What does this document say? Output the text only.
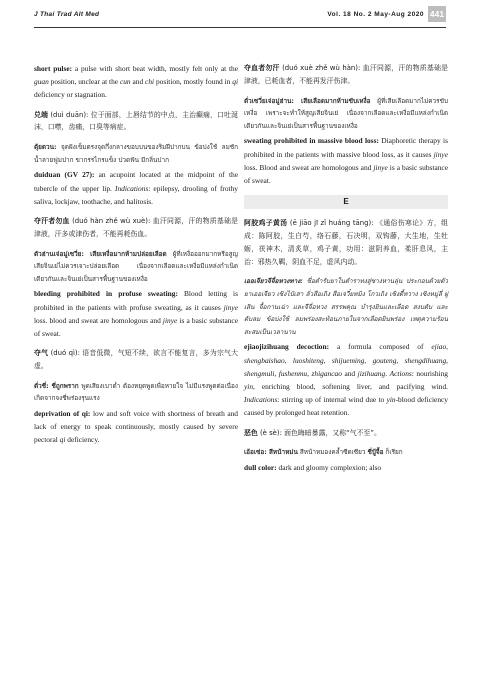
J Thai Trad Alt Med	Vol. 18 No. 2 May-Aug 2020 441

short pulse: a pulse with short beat width, mostly felt only at the guan position, unclear at the cun and chi position, mostly found in qi deficiency or stagnation.

兑端 (duì duān): 位于面部，上唇结节的中点，主治癫痫，口吐涎沫，口噤，齿痛，口臭等病症。

ตุ้ยตวน: จุดฝังเข็มตรงจุดกึ่งกลางขอบบนของริมฝีปากบน ข้อบ่งใช้ ลมชัก น้ำลายฟูมปาก ขากรรไกรแข็ง ปวดฟัน มีกลิ่นปาก

duiduan (GV 27): an acupoint located at the midpoint of the tubercle of the upper lip. Indications: epilepsy, drooling of frothy saliva, lockjaw, toothache, and halitosis.

夺汗者勿血 (duó hàn zhě wù xuè): 血汗同源，汗的物质基础是津液，汗多或津伤者，不能再耗伤血。

ตัวฮ่านเจ่อมู่เซวี่ย: เสียเหงื่อมากห้ามปล่อยเลือด ผู้ที่เหงื่อออกมากหรือสูญเสียจินเย่ไม่ควรเจาะปล่อยเลือด เนื่องจากเลือดและเหงื่อมีแหล่งกำเนิดเดียวกันและจินเย่เป็นสารพื้นฐานของเหงื่อ

bleeding prohibited in profuse sweating: Blood letting is prohibited in the patients with profuse sweating, as it causes jinye loss. blood and sweat are homologous and jinye is a basic substance of sweat.

夺气 (duó qì): 语音低微，气短不续，欲言不能复言，多为宗气大虚。

ตั่วชี่: ชี่ถูกพราก พูดเสียงเบาต่ำ ต้องหยุดพูดเพื่อหายใจ ไม่มีแรงพูดต่อเนื่อง เกิดจากจงชี่พร่องรุนแรง

deprivation of qi: low and soft voice with shortness of breath and lack of energy to speak continuously, mostly caused by severe pectoral qi deficiency.

夺血者勿汗 (duó xuè zhě wù hàn): 血汗同源，汗的物质基础是津液，已耗血者，不能再发汗伤津。

ตั่วเซวี่ยเจ่อมู่ฮ่าน: เสียเลือดมากห้ามขับเหงื่อ ผู้ที่เสียเลือดมากไม่ควรขับเหงื่อ เพราะจะทำให้สูญเสียจินเย่ เนื่องจากเลือดและเหงื่อมีแหล่งกำเนิดเดียวกันและจินเย่เป็นสารพื้นฐานของเหงื่อ

sweating prohibited in massive blood loss: Diaphoretic therapy is prohibited in the patients with massive blood loss, as it causes jinye loss. Blood and sweat are homologous and jinye is a basic substance of sweat.

E

阿胶鸡子黄汤 (ē jiāo jī zǐ huáng tāng): 《通俗伤寒论》方，组成：陈阿胶，生白芍，络石藤，石决明，双钩藤，大生地，生牡蛎，茯神木，清炙草，鸡子黄，功用：滋阴养血，柔肝息风，主治：邪热久羁，阴血不足，虚风内动。

เออเจียวจีจื่อหวงทาง: ชื่อตำรับยาในตำราทงสู่ซางหานลุ่น ประกอบด้วยตัวยาเออเจียว เซิงไป๋เสา ลั่วสือเถิง สือเจวี๋ยหมิง โกวเถิง เซิงตี้หวาง เซิงหมู่ลี่ ฝูเสิน จื้อกานเฉ่า และจีจื่อหวง สรรพคุณ บำรุงยินและเลือด สงบตับ และดับลม ข้อบ่งใช้ ลมพร่องสะท้อนภายในจากเลือดยินพร่อง เหตุความร้อนสะสมเป็นเวลานาน

ejiaojizihuang decoction: a formula composed of ejiao, shengbaishao, luoshiteng, shijueming, gouteng, shengdihuang, shengmuli, fushenmu, zhigancao and jizihuang. Actions: nourishing yin, enriching blood, softening liver, and pacifying wind. Indications: stirring up of internal wind due to yin-blood deficiency caused by prolonged heat retention.

恶色 (è sè): 面色晦暗暴露，又称“气不至”。

เอ้อเซ่อ: สีหน้าหม่น สีหน้าหมองคล้ำซีดเซียว ชี่บู้จื้อ ก็เรียก

dull color: dark and gloomy complexion; also
